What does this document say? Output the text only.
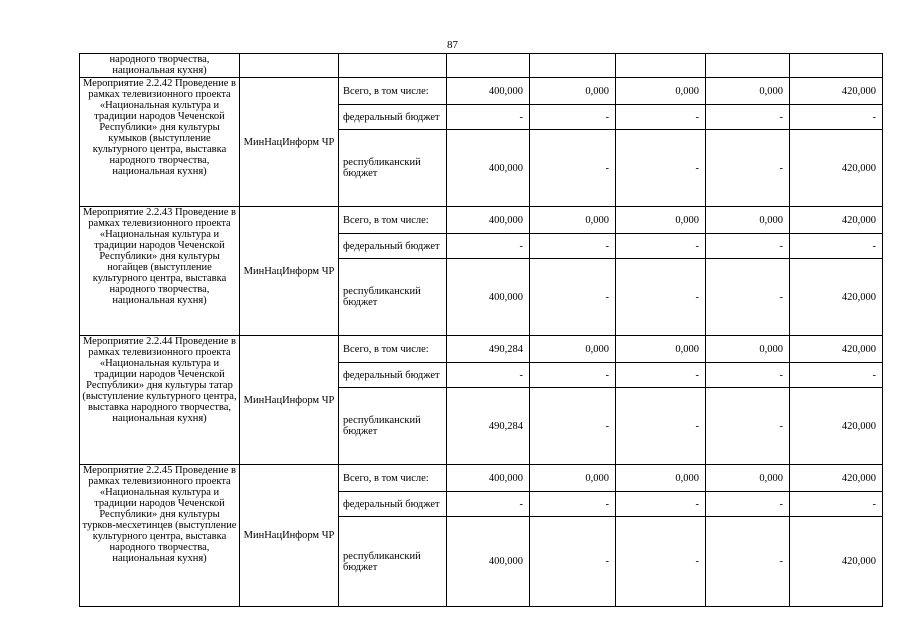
87
народного творчества, национальная кухня)							
Мероприятие 2.2.42 Проведение в рамках телевизионного проекта «Национальная культура и традиции народов Чеченской Республики» дня культуры кумыков (выступление культурного центра, выставка народного творчества, национальная кухня)	МинНацИнформ ЧР	Всего, в том числе:	400,000	0,000	0,000	0,000	420,000
		федеральный бюджет	-	-	-	-	-
		республиканский бюджет	400,000	-	-	-	420,000
Мероприятие 2.2.43 Проведение в рамках телевизионного проекта «Национальная культура и традиции народов Чеченской Республики» дня культуры ногайцев (выступление культурного центра, выставка народного творчества, национальная кухня)	МинНацИнформ ЧР	Всего, в том числе:	400,000	0,000	0,000	0,000	420,000
		федеральный бюджет	-	-	-	-	-
		республиканский бюджет	400,000	-	-	-	420,000
Мероприятие 2.2.44 Проведение в рамках телевизионного проекта «Национальная культура и традиции народов Чеченской Республики» дня культуры татар (выступление культурного центра, выставка народного творчества, национальная кухня)	МинНацИнформ ЧР	Всего, в том числе:	490,284	0,000	0,000	0,000	420,000
		федеральный бюджет	-	-	-	-	-
		республиканский бюджет	490,284	-	-	-	420,000
Мероприятие 2.2.45 Проведение в рамках телевизионного проекта «Национальная культура и традиции народов Чеченской Республики» дня культуры турков-месхетинцев (выступление культурного центра, выставка народного творчества, национальная кухня)	МинНацИнформ ЧР	Всего, в том числе:	400,000	0,000	0,000	0,000	420,000
		федеральный бюджет	-	-	-	-	-
		республиканский бюджет	400,000	-	-	-	420,000
